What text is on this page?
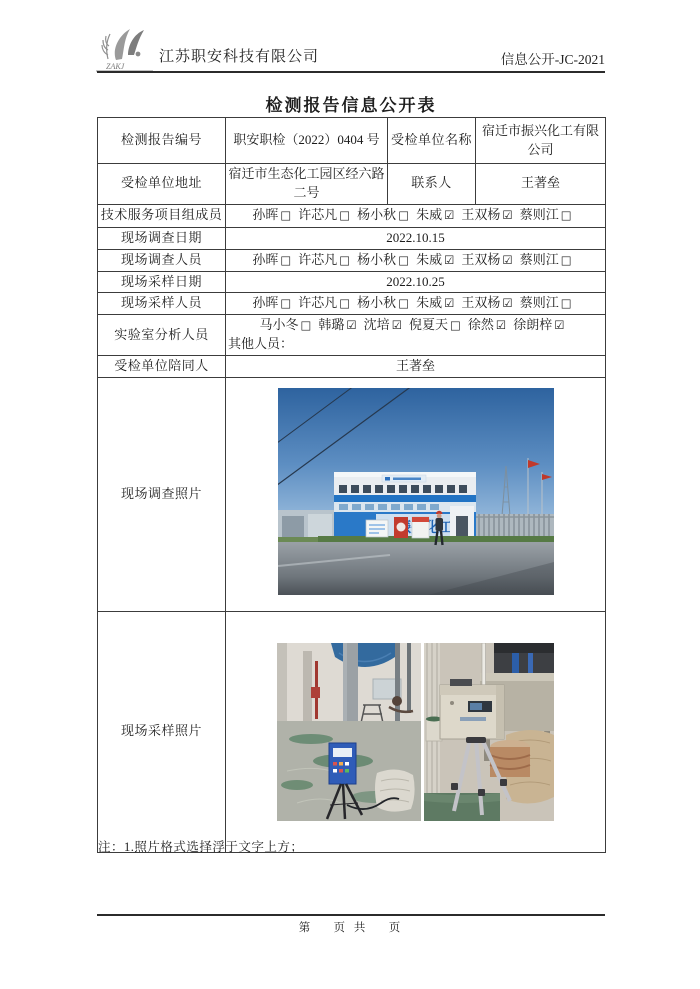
ZAKJ
江苏职安科技有限公司	信息公开-JC-2021
检测报告信息公开表
检测报告编号	职安职检（2022）0404 号	受检单位名称	宿迁市振兴化工有限公司
受检单位地址	宿迁市生态化工园区经六路二号	联系人	王著垒
技术服务项目组成员	孙晖 □ 许芯凡 □ 杨小秋 □ 朱威 ☑ 王双杨 ☑ 蔡则江 □		
现场调查日期	2022.10.15		
现场调查人员	孙晖 □ 许芯凡 □ 杨小秋 □ 朱威 ☑ 王双杨 ☑ 蔡则江 □		
现场采样日期	2022.10.25		
现场采样人员	孙晖 □ 许芯凡 □ 杨小秋 □ 朱威 ☑ 王双杨 ☑ 蔡则江 □		
实验室分析人员	马小冬 □ 韩璐 ☑ 沈培 ☑ 倪夏天 □ 徐然 ☑ 徐朗梓 ☑
其他人员：		

受检单位陪同人	王著垒		
现场调查照片	

现场采样照片	
注：1.照片格式选择浮于文字上方；
第　 页 共　 页
